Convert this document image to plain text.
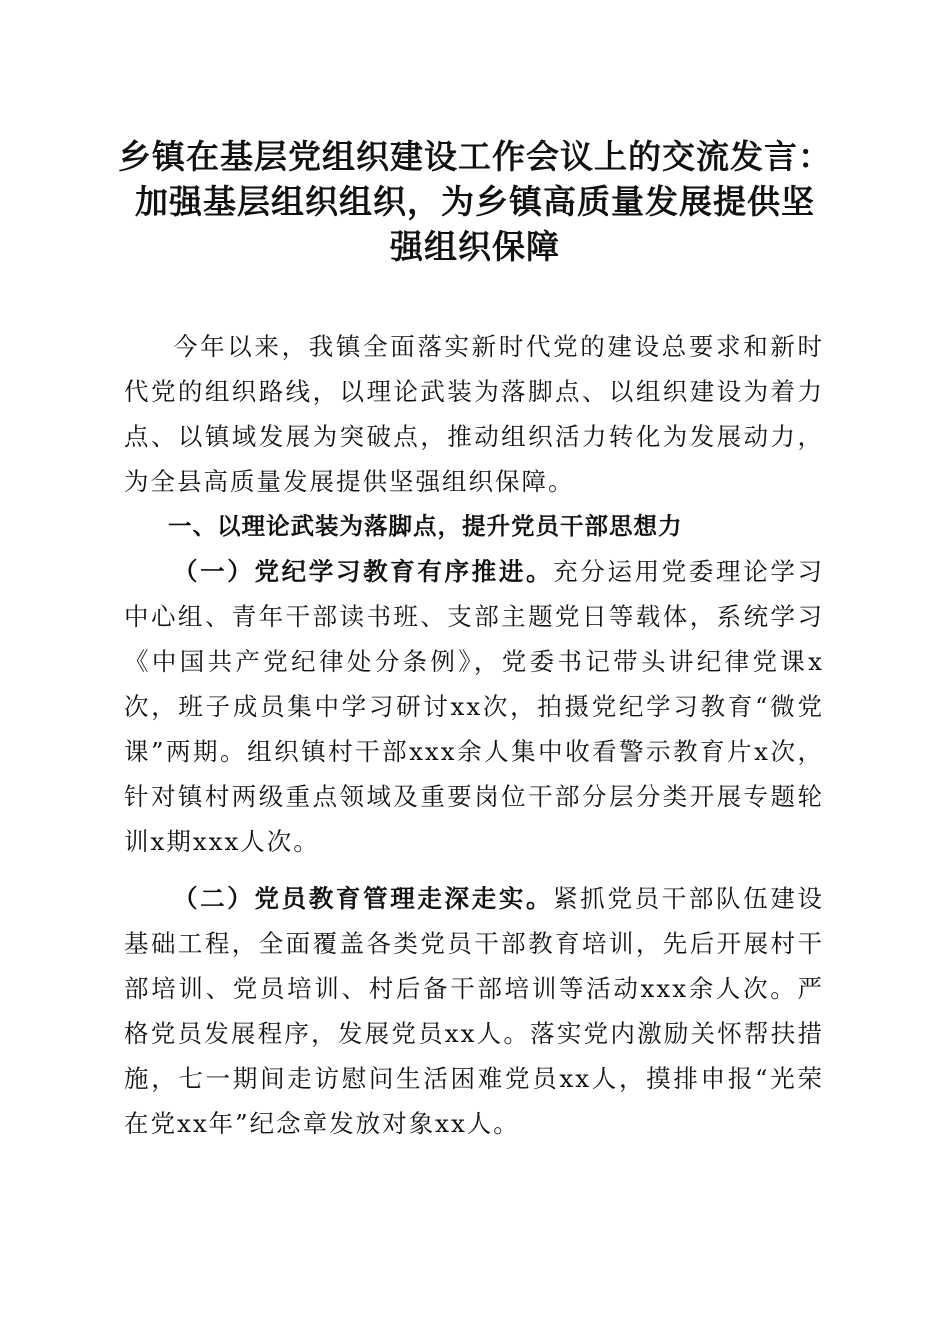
乡镇在基层党组织建设工作会议上的交流发言：
加强基层组织组织，为乡镇高质量发展提供坚
强组织保障

今年以来，我镇全面落实新时代党的建设总要求和新时代党的组织路线，以理论武装为落脚点、以组织建设为着力点、以镇域发展为突破点，推动组织活力转化为发展动力，为全县高质量发展提供坚强组织保障。

一、以理论武装为落脚点，提升党员干部思想力

（一）党纪学习教育有序推进。充分运用党委理论学习中心组、青年干部读书班、支部主题党日等载体，系统学习《中国共产党纪律处分条例》，党委书记带头讲纪律党课x次，班子成员集中学习研讨xx次，拍摄党纪学习教育“微党课”两期。组织镇村干部xxx余人集中收看警示教育片x次，针对镇村两级重点领域及重要岗位干部分层分类开展专题轮训x期xxx人次。

（二）党员教育管理走深走实。紧抓党员干部队伍建设基础工程，全面覆盖各类党员干部教育培训，先后开展村干部培训、党员培训、村后备干部培训等活动xxx余人次。严格党员发展程序，发展党员xx人。落实党内激励关怀帮扶措施，七一期间走访慰问生活困难党员xx人，摸排申报“光荣在党xx年”纪念章发放对象xx人。
